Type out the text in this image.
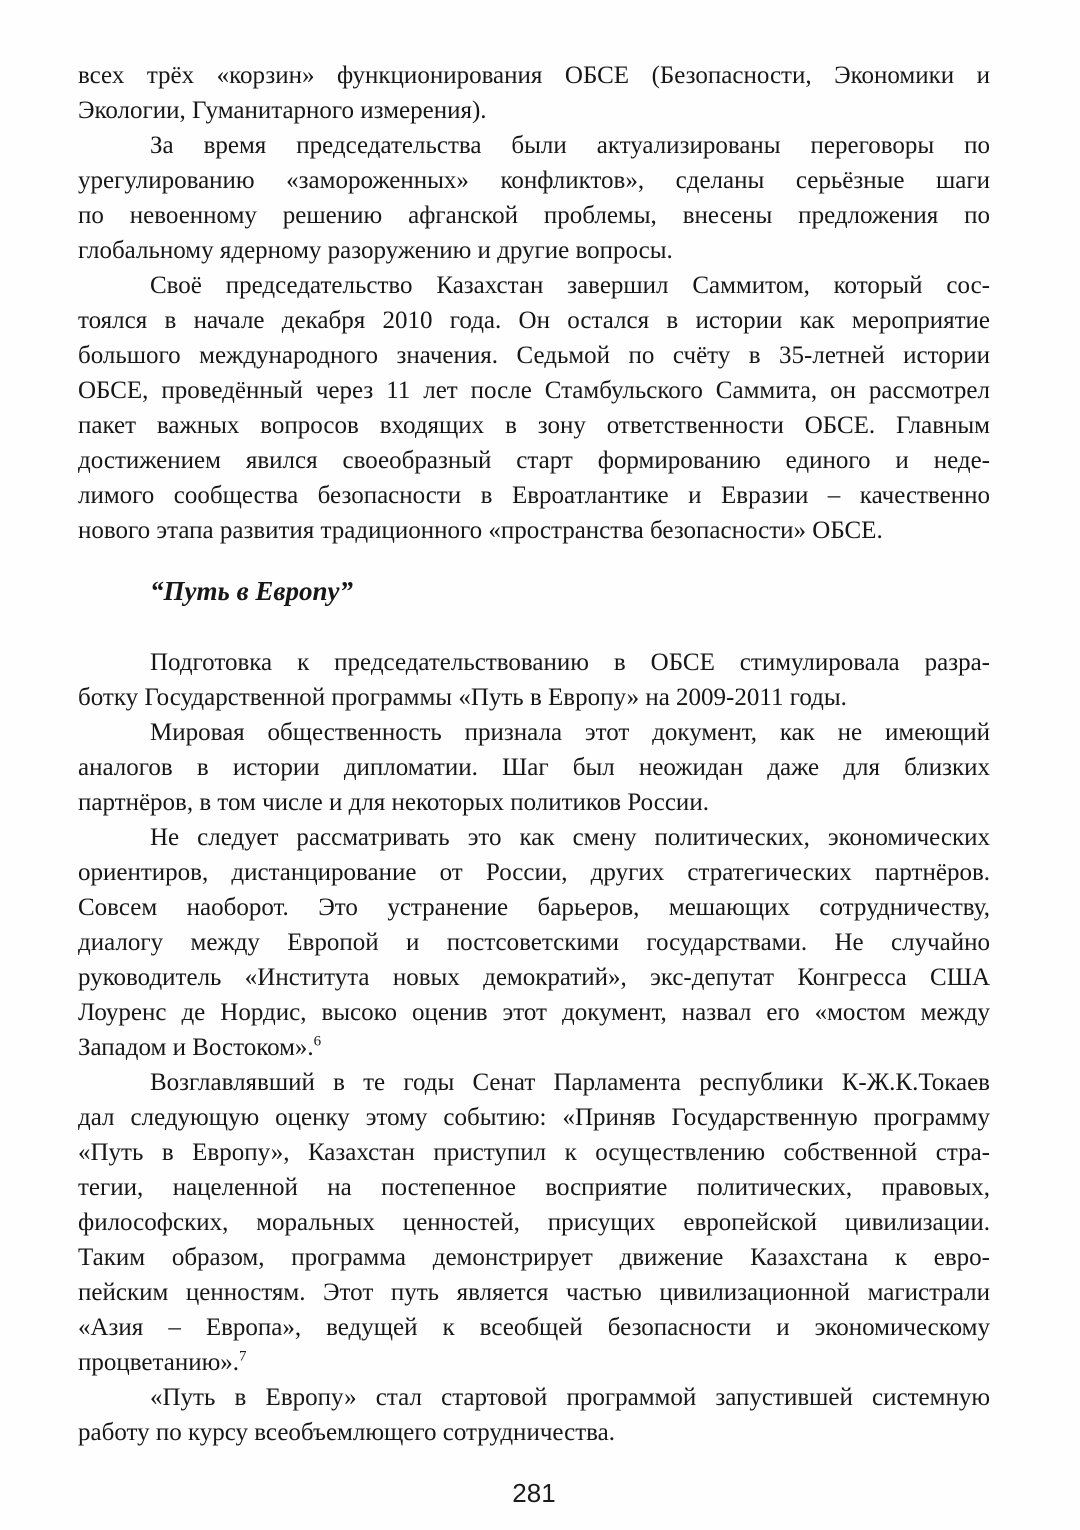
всех трёх «корзин» функционирования ОБСЕ (Безопасности, Экономики и
Экологии, Гуманитарного измерения).
За время председательства были актуализированы переговоры по
урегулированию «замороженных» конфликтов», сделаны серьёзные шаги
по невоенному решению афганской проблемы, внесены предложения по
глобальному ядерному разоружению и другие вопросы.
Своё председательство Казахстан завершил Саммитом, который сос-
тоялся в начале декабря 2010 года. Он остался в истории как мероприятие
большого международного значения. Седьмой по счёту в 35-летней истории
ОБСЕ, проведённый через 11 лет после Стамбульского Саммита, он рассмотрел
пакет важных вопросов входящих в зону ответственности ОБСЕ. Главным
достижением явился своеобразный старт формированию единого и неде-
лимого сообщества безопасности в Евроатлантике и Евразии – качественно
нового этапа развития традиционного «пространства безопасности» ОБСЕ.
“Путь в Европу”
Подготовка к председательствованию в ОБСЕ стимулировала разра-
ботку Государственной программы «Путь в Европу» на 2009-2011 годы.
Мировая общественность признала этот документ, как не имеющий
аналогов в истории дипломатии. Шаг был неожидан даже для близких
партнёров, в том числе и для некоторых политиков России.
Не следует рассматривать это как смену политических, экономических
ориентиров, дистанцирование от России, других стратегических партнёров.
Совсем наоборот. Это устранение барьеров, мешающих сотрудничеству,
диалогу между Европой и постсоветскими государствами. Не случайно
руководитель «Института новых демократий», экс-депутат Конгресса США
Лоуренс де Нордис, высоко оценив этот документ, назвал его «мостом между
Западом и Востоком».$^6$
Возглавлявший в те годы Сенат Парламента республики К-Ж.К.Токаев
дал следующую оценку этому событию: «Приняв Государственную программу
«Путь в Европу», Казахстан приступил к осуществлению собственной стра-
тегии, нацеленной на постепенное восприятие политических, правовых,
философских, моральных ценностей, присущих европейской цивилизации.
Таким образом, программа демонстрирует движение Казахстана к евро-
пейским ценностям. Этот путь является частью цивилизационной магистрали
«Азия – Европа», ведущей к всеобщей безопасности и экономическому
процветанию».$^7$
«Путь в Европу» стал стартовой программой запустившей системную
работу по курсу всеобъемлющего сотрудничества.
281
